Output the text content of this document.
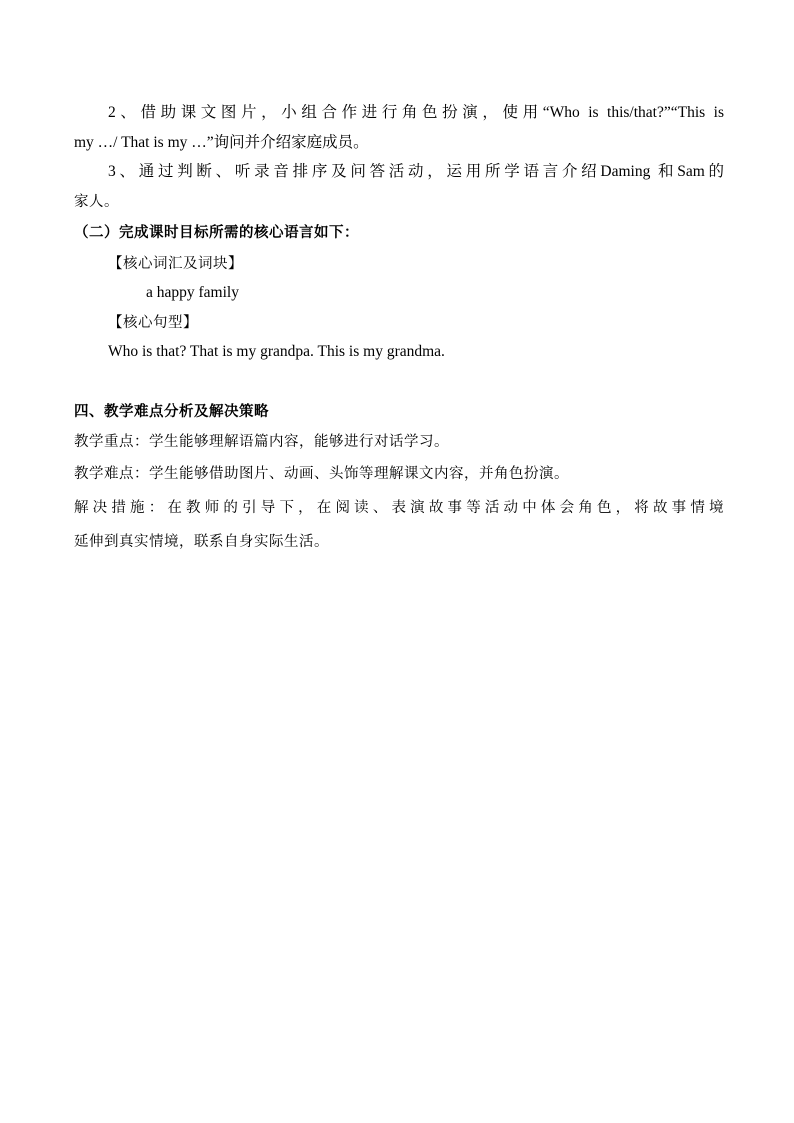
2、借助课文图片，小组合作进行角色扮演，使用“Who is this/that?”“This is
my …/ That is my …”询问并介绍家庭成员。
3、通过判断、听录音排序及问答活动，运用所学语言介绍Daming 和Sam的
家人。
（二）完成课时目标所需的核心语言如下：
【核心词汇及词块】
a happy family
【核心句型】
Who is that? That is my grandpa. This is my grandma.
四、教学难点分析及解决策略
教学重点：学生能够理解语篇内容，能够进行对话学习。
教学难点：学生能够借助图片、动画、头饰等理解课文内容，并角色扮演。
解决措施：在教师的引导下，在阅读、表演故事等活动中体会角色，将故事情境
延伸到真实情境，联系自身实际生活。
